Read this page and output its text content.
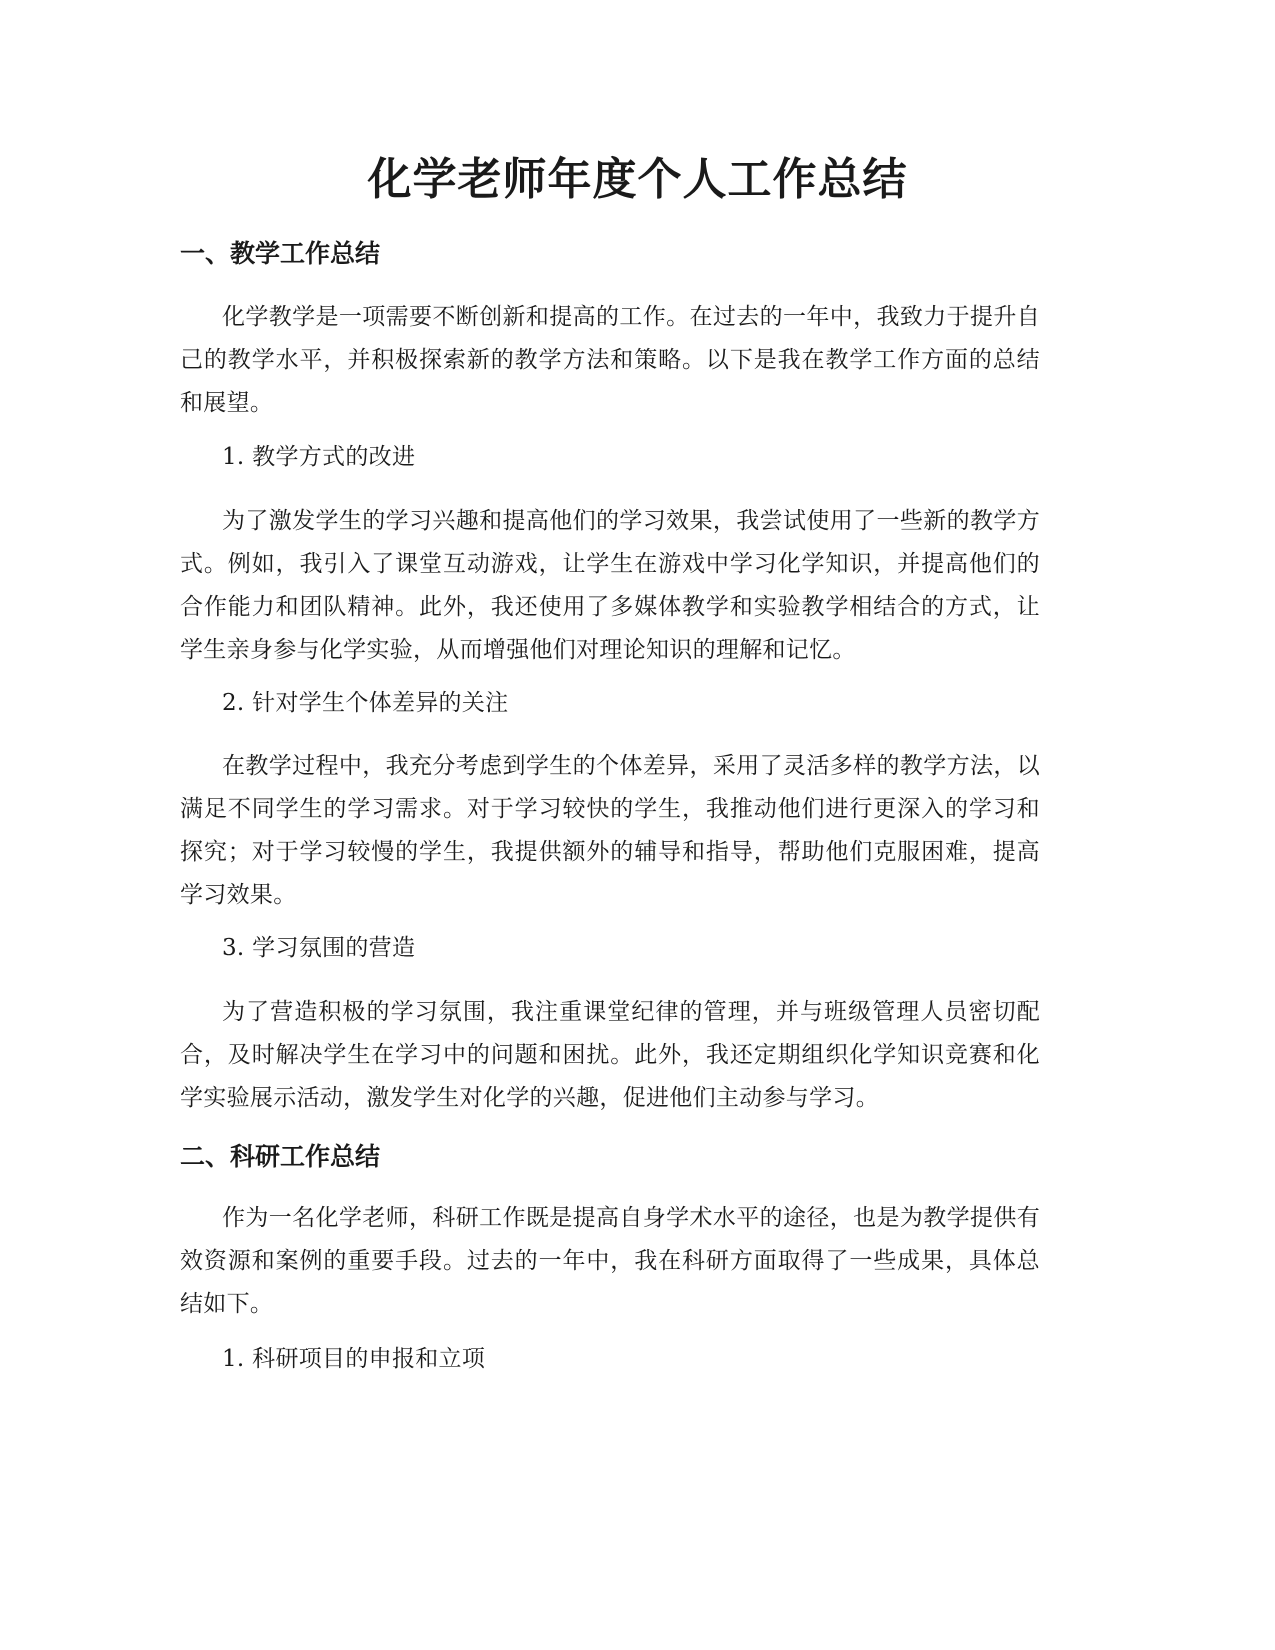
化学老师年度个人工作总结
一、教学工作总结
化学教学是一项需要不断创新和提高的工作。在过去的一年中，我致力于提升自己的教学水平，并积极探索新的教学方法和策略。以下是我在教学工作方面的总结和展望。
1. 教学方式的改进
为了激发学生的学习兴趣和提高他们的学习效果，我尝试使用了一些新的教学方式。例如，我引入了课堂互动游戏，让学生在游戏中学习化学知识，并提高他们的合作能力和团队精神。此外，我还使用了多媒体教学和实验教学相结合的方式，让学生亲身参与化学实验，从而增强他们对理论知识的理解和记忆。
2. 针对学生个体差异的关注
在教学过程中，我充分考虑到学生的个体差异，采用了灵活多样的教学方法，以满足不同学生的学习需求。对于学习较快的学生，我推动他们进行更深入的学习和探究；对于学习较慢的学生，我提供额外的辅导和指导，帮助他们克服困难，提高学习效果。
3. 学习氛围的营造
为了营造积极的学习氛围，我注重课堂纪律的管理，并与班级管理人员密切配合，及时解决学生在学习中的问题和困扰。此外，我还定期组织化学知识竞赛和化学实验展示活动，激发学生对化学的兴趣，促进他们主动参与学习。
二、科研工作总结
作为一名化学老师，科研工作既是提高自身学术水平的途径，也是为教学提供有效资源和案例的重要手段。过去的一年中，我在科研方面取得了一些成果，具体总结如下。
1. 科研项目的申报和立项
